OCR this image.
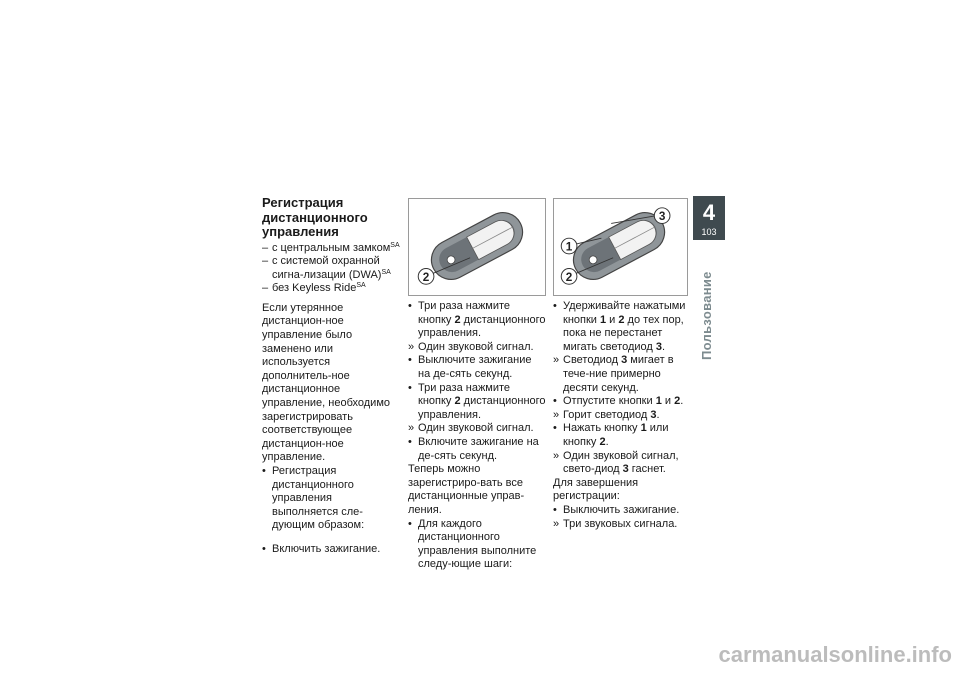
Регистрация
дистанционного
управления
– с центральным замком$^{SA}$
– с системой охранной сигна-лизации (DWA)$^{SA}$
– без Keyless Ride$^{SA}$
Если утерянное дистанцион-ное управление было заменено или используется дополнитель-ное дистанционное управление, необходимо зарегистрировать соответствующее дистанцион-ное управление.
• Регистрация дистанционного управления выполняется сле-дующим образом:
• Включить зажигание.
2
• Три раза нажмите кнопку 2 дистанционного управления.
» Один звуковой сигнал.
• Выключите зажигание на де-сять секунд.
• Три раза нажмите кнопку 2 дистанционного управления.
» Один звуковой сигнал.
• Включите зажигание на де-сять секунд.
Теперь можно зарегистриро-вать все дистанционные управ-ления.
• Для каждого дистанционного управления выполните следу-ющие шаги:
3
1
2
• Удерживайте нажатыми кнопки 1 и 2 до тех пор, пока не перестанет мигать светодиод 3.
» Светодиод 3 мигает в тече-ние примерно десяти секунд.
• Отпустите кнопки 1 и 2.
» Горит светодиод 3.
• Нажать кнопку 1 или кнопку 2.
» Один звуковой сигнал, свето-диод 3 гаснет.
Для завершения регистрации:
• Выключить зажигание.
» Три звуковых сигнала.
4
103
Пользование
carmanualsonline.info
